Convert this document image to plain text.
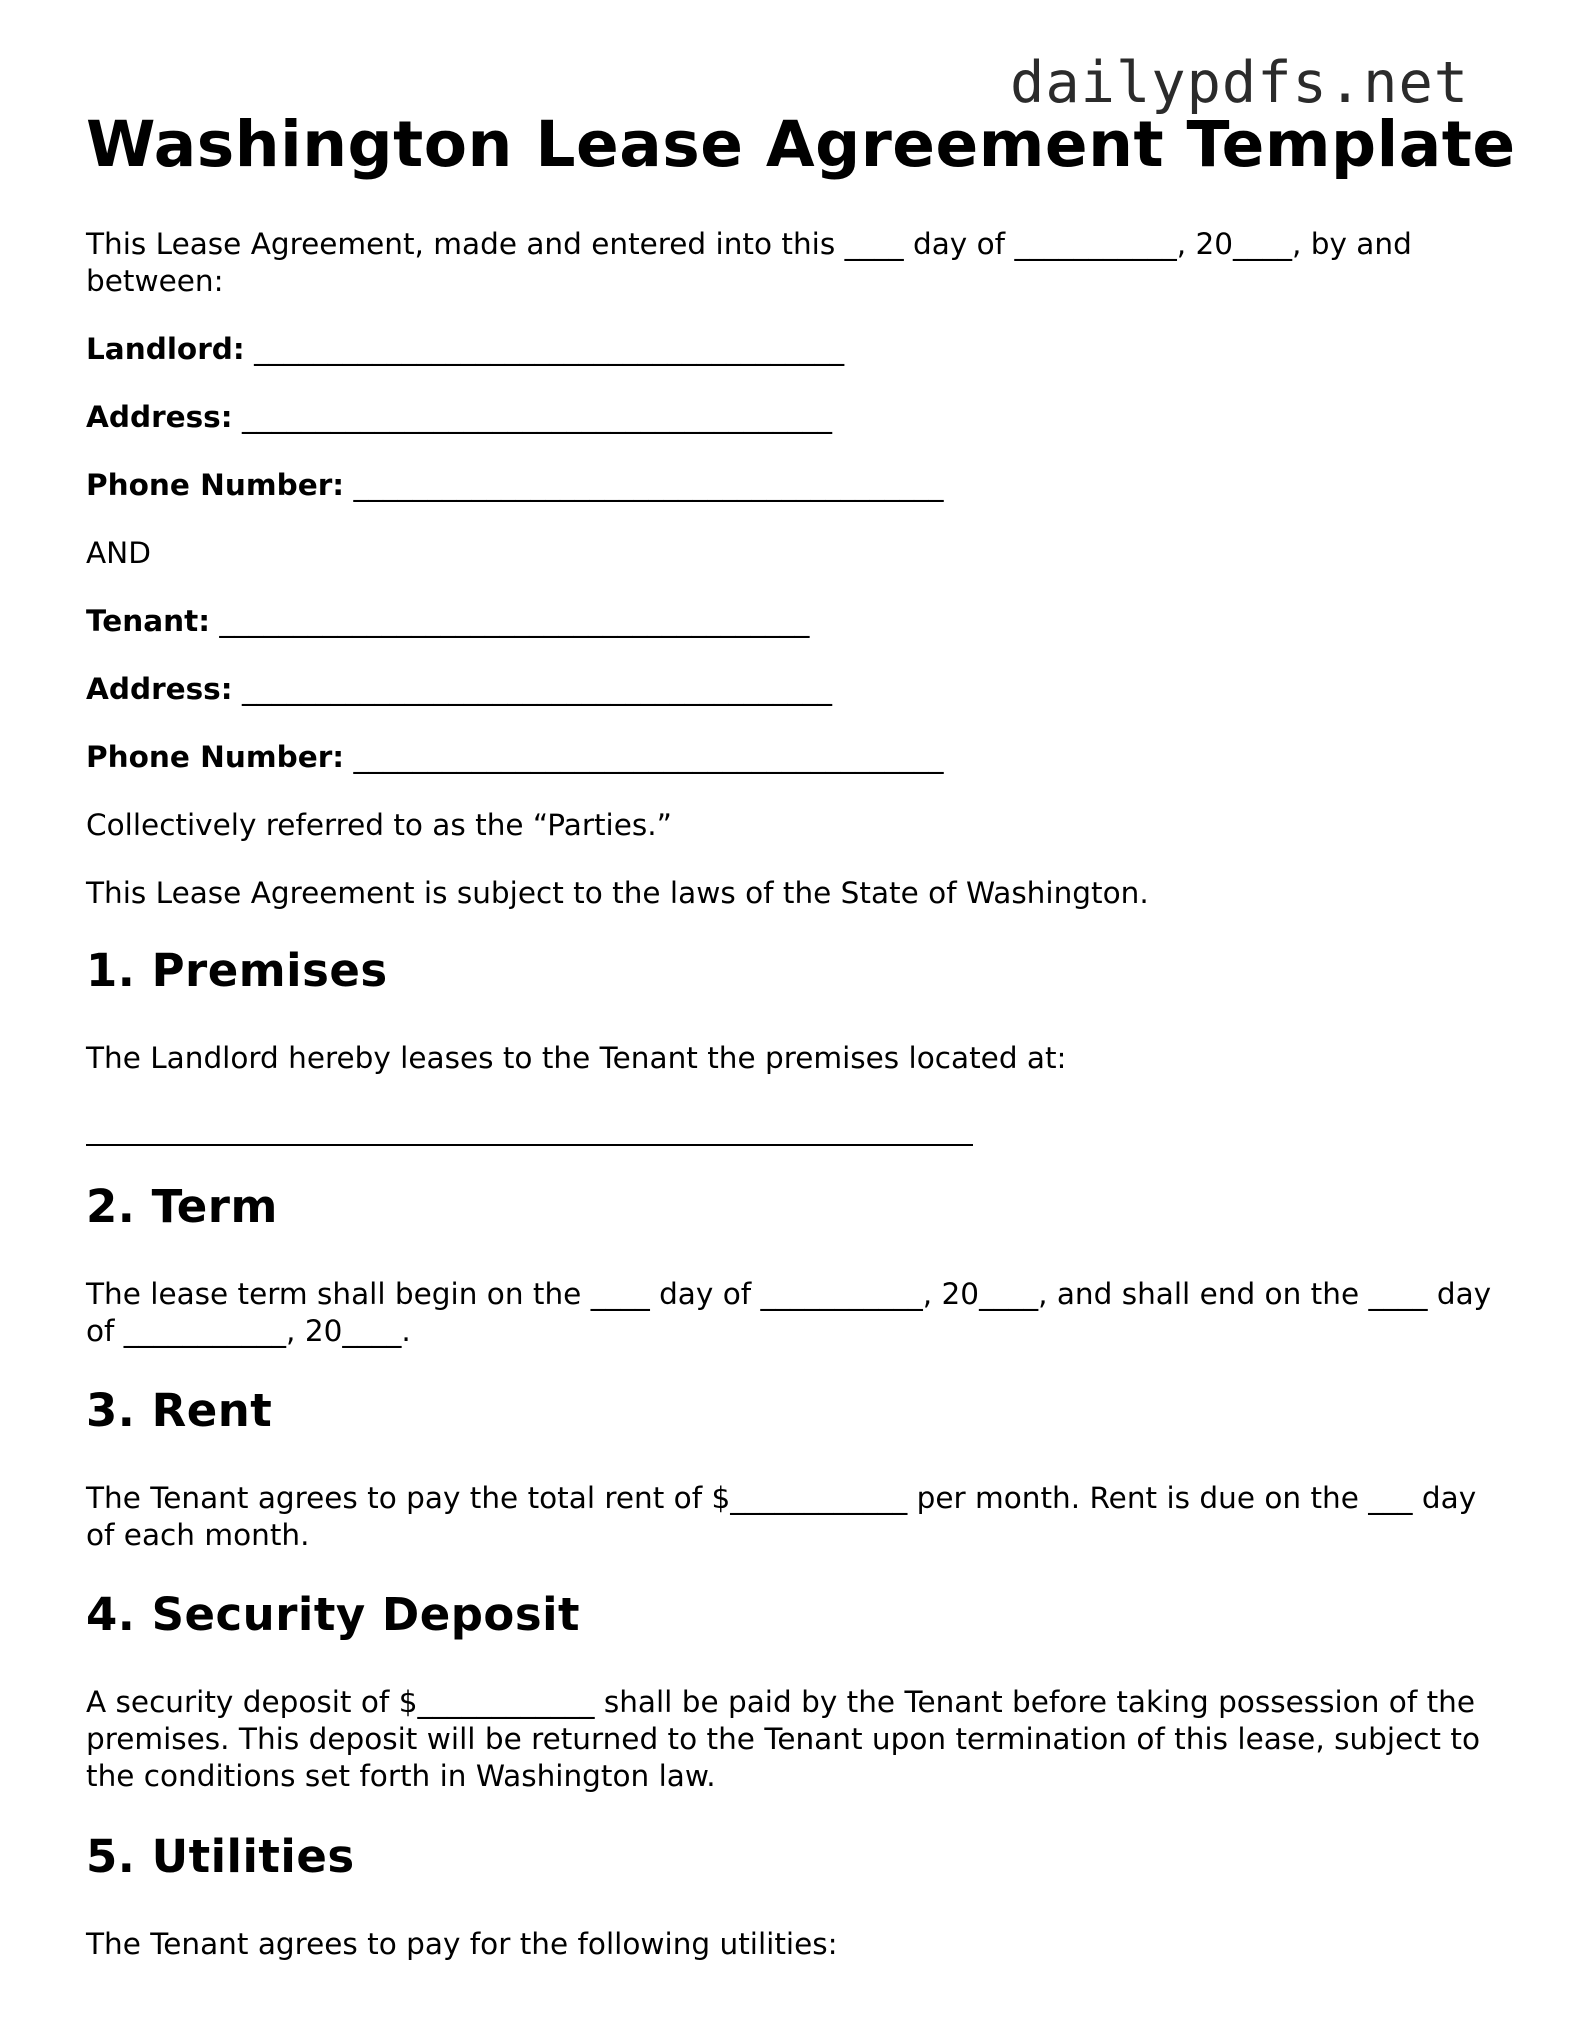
dailypdfs.net
Washington Lease Agreement Template

This Lease Agreement, made and entered into this ____ day of ___________, 20____, by and between:

Landlord: ________________________________________

Address: ________________________________________

Phone Number: ________________________________________

AND

Tenant: ________________________________________

Address: ________________________________________

Phone Number: ________________________________________

Collectively referred to as the “Parties.”

This Lease Agreement is subject to the laws of the State of Washington.

1. Premises

The Landlord hereby leases to the Tenant the premises located at:

2. Term

The lease term shall begin on the ____ day of ___________, 20____, and shall end on the ____ day of ___________, 20____.

3. Rent

The Tenant agrees to pay the total rent of $____________ per month. Rent is due on the ___ day of each month.

4. Security Deposit

A security deposit of $____________ shall be paid by the Tenant before taking possession of the premises. This deposit will be returned to the Tenant upon termination of this lease, subject to the conditions set forth in Washington law.

5. Utilities

The Tenant agrees to pay for the following utilities:
